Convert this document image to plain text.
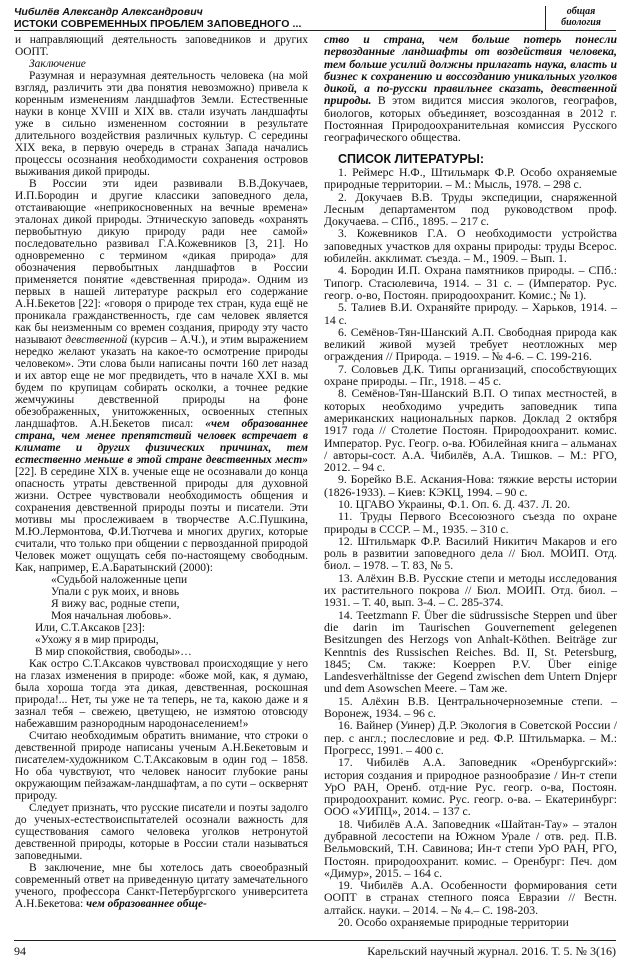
Чибилёв Александр Александрович
ИСТОКИ СОВРЕМЕННЫХ ПРОБЛЕМ ЗАПОВЕДНОГО ...
общая
биология

и направляющий деятельность заповедников и других ООПТ.

Заключение

Разумная и неразумная деятельность человека (на мой взгляд, различить эти два понятия невозможно) привела к коренным изменениям ландшафтов Земли. Естественные науки в конце XVIII и XIX вв. стали изучать ландшафты уже в сильно измененном состоянии в результате длительного воздействия различных культур. С середины XIX века, в первую очередь в странах Запада начались процессы осознания необходимости сохранения островов выживания дикой природы.

В России эти идеи развивали В.В.Докучаев, И.П.Бородин и другие классики заповедного дела, отстаивающие «неприкосновенных на вечные времена» эталонах дикой природы. Этническую заповедь «охранять первобытную дикую природу ради нее самой» последовательно развивал Г.А.Кожевников [3, 21]. Но одновременно с термином «дикая природа» для обозначения первобытных ландшафтов в России применяется понятие «девственная природа». Одним из первых в нашей литературе раскрыл его содержание А.Н.Бекетов [22]: «говоря о природе тех стран, куда ещё не проникала гражданственность, где сам человек является как бы неизменным со времен создания, природу эту часто называют девственной (курсив – А.Ч.), и этим выражением нередко желают указать на какое-то осмотрение природы человеком». Эти слова были написаны почти 160 лет назад и их автор еще не мог предвидеть, что в начале XXI в. мы будем по крупицам собирать осколки, а точнее редкие жемчужины девственной природы на фоне обезображенных, унитожженных, освоенных степных ландшафтов. А.Н.Бекетов писал: «чем образованнее страна, чем менее препятствий человек встречает в климате и других физических причинах, тем естественно меньше в этой стране девственных мест» [22]. В середине XIX в. ученые еще не осознавали до конца опасность утраты девственной природы для духовной жизни. Острее чувствовали необходимость общения и сохранения девственной природы поэты и писатели. Эти мотивы мы прослеживаем в творчестве А.С.Пушкина, М.Ю.Лермонтова, Ф.И.Тютчева и многих других, которые считали, что только при общении с первозданной природой Человек может ощущать себя по-настоящему свободным. Как, например, Е.А.Баратынский (2000):

«Судьбой наложенные цепи

Упали с рук моих, и вновь

Я вижу вас, родные степи,

Моя начальная любовь».

Или, С.Т.Аксаков [23]:

«Ухожу я в мир природы,

В мир спокойствия, свободы»…

Как остро С.Т.Аксаков чувствовал происходящие у него на глазах изменения в природе: «боже мой, как, я думаю, была хороша тогда эта дикая, девственная, роскошная природа!... Нет, ты уже не та теперь, не та, какою даже и я зазнал тебя – свежею, цветущею, не измятою отовсюду набежавшим разнородным народонаселением!»

Считаю необходимым обратить внимание, что строки о девственной природе написаны ученым А.Н.Бекетовым и писателем-художником С.Т.Аксаковым в один год – 1858. Но оба чувствуют, что человек наносит глубокие раны окружающим пейзажам-ландшафтам, а по сути – осквернят природу.

Следует признать, что русские писатели и поэты задолго до ученых-естествоиспытателей осознали важность для существования самого человека уголков нетронутой девственной природы, которые в России стали называться заповедными.

В заключение, мне бы хотелось дать своеобразный современный ответ на приведенную цитату замечательного ученого, профессора Санкт-Петербургского университета А.Н.Бекетова: чем образованнее обще-

ство и страна, чем больше потерь понесли первозданные ландшафты от воздействия человека, тем больше усилий должны прилагать наука, власть и бизнес к сохранению и воссозданию уникальных уголков дикой, а по-русски правильнее сказать, девственной природы. В этом видится миссия экологов, географов, биологов, которых объединяет, возсозданная в 2012 г. Постоянная Природоохранительная комиссия Русского географического общества.

СПИСОК ЛИТЕРАТУРЫ:

1. Реймерс Н.Ф., Штильмарк Ф.Р. Особо охраняемые природные территории. – М.: Мысль, 1978. – 298 с.

2. Докучаев В.В. Труды экспедиции, снаряженной Лесным департаментом под руководством проф. Докучаева. – СПб., 1895. – 217 с.

3. Кожевников Г.А. О необходимости устройства заповедных участков для охраны природы: труды Всерос. юбилейн. акклимат. съезда. – М., 1909. – Вып. 1.

4. Бородин И.П. Охрана памятников природы. – СПб.: Типогр. Стасюлевича, 1914. – 31 с. – (Император. Рус. геогр. о-во, Постоян. природоохранит. Комис.; № 1).

5. Талиев В.И. Охраняйте природу. – Харьков, 1914. – 14 с.

6. Семёнов-Тян-Шанский А.П. Свободная природа как великий живой музей требует неотложных мер ограждения // Природа. – 1919. – № 4-6. – С. 199-216.

7. Соловьев Д.К. Типы организаций, способствующих охране природы. – Пг., 1918. – 45 с.

8. Семёнов-Тян-Шанский В.П. О типах местностей, в которых необходимо учредить заповедник типа американских национальных парков. Доклад 2 октября 1917 года // Столетие Постоян. Природоохранит. комис. Император. Рус. Геогр. о-ва. Юбилейная книга – альманах / авторы-сост. А.А. Чибилёв, А.А. Тишков. – М.: РГО, 2012. – 94 с.

9. Борейко В.Е. Аскания-Нова: тяжкие версты истории (1826-1933). – Киев: КЭКЦ, 1994. – 90 с.

10. ЦГАВО Украины, Ф.1. Оп. 6. Д. 437. Л. 20.

11. Труды Первого Всесоюзного съезда по охране природы в СССР. – М., 1935. – 310 с.

12. Штильмарк Ф.Р. Василий Никитич Макаров и его роль в развитии заповедного дела // Бюл. МОИП. Отд. биол. – 1978. – Т. 83, № 5.

13. Алёхин В.В. Русские степи и методы исследования их растительного покрова // Бюл. МОИП. Отд. биол. – 1931. – Т. 40, вып. 3-4. – С. 285-374.

14. Teetzmann F. Über die südrussische Steppen und über die darin im Taurischen Gouvernement gelegenen Besitzungen des Herzogs von Anhalt-Köthen. Beiträge zur Kenntnis des Russischen Reiches. Bd. II, St. Petersburg, 1845; См. также: Koeppen P.V. Über einige Landesverhältnisse der Gegend zwischen dem Untern Dnjepr und dem Asowschen Meere. – Там же.

15. Алёхин В.В. Центральночерноземные степи. – Воронеж, 1934. – 96 с.

16. Вайнер (Уинер) Д.Р. Экология в Советской России / пер. с англ.; послесловие и ред. Ф.Р. Штильмарка. – М.: Прогресс, 1991. – 400 с.

17. Чибилёв А.А. Заповедник «Оренбургский»: история создания и природное разнообразие / Ин-т степи УрО РАН, Оренб. отд-ние Рус. геогр. о-ва, Постоян. природоохранит. комис. Рус. геогр. о-ва. – Екатеринбург: ООО «УИПЦ», 2014. – 137 с.

18. Чибилёв А.А. Заповедник «Шайтан-Тау» – эталон дубравной лесостепи на Южном Урале / отв. ред. П.В. Вельмовский, Т.Н. Савинова; Ин-т степи УрО РАН, РГО, Постоян. природоохранит. комис. – Оренбург: Печ. дом «Димур», 2015. – 164 с.

19. Чибилёв А.А. Особенности формирования сети ООПТ в странах степного пояса Евразии // Вестн. алтайск. науки. – 2014. – № 4.– С. 198-203.

20. Особо охраняемые природные территории

94	Карельский научный журнал. 2016. Т. 5. № 3(16)
